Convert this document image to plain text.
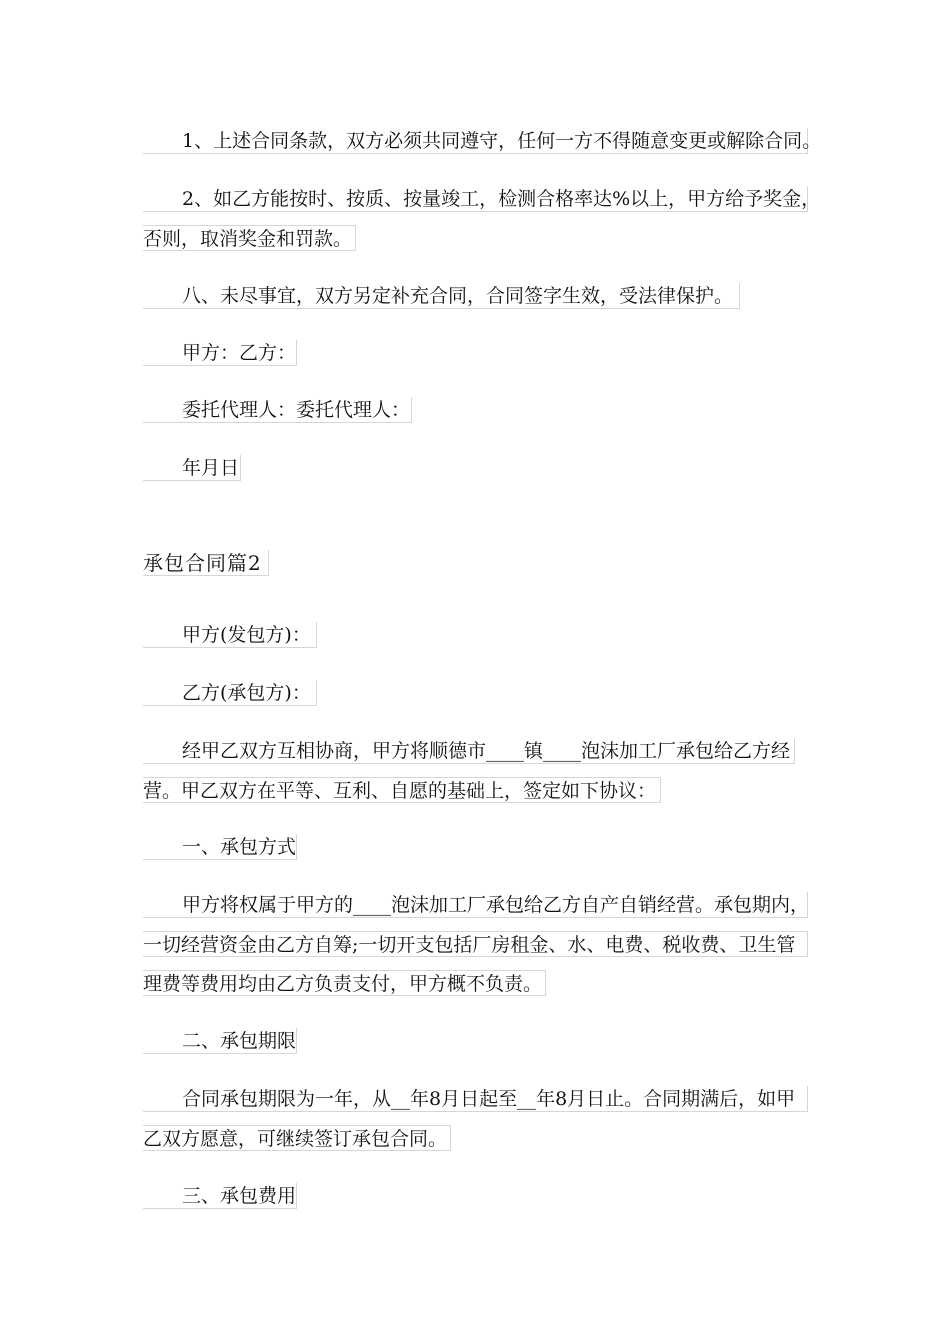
1、上述合同条款，双方必须共同遵守，任何一方不得随意变更或解除合同。
2、如乙方能按时、按质、按量竣工，检测合格率达%以上，甲方给予奖金，
否则，取消奖金和罚款。
八、未尽事宜，双方另定补充合同，合同签字生效，受法律保护。
甲方：乙方：
委托代理人：委托代理人：
年月日
承包合同篇2
甲方(发包方)：
乙方(承包方)：
经甲乙双方互相协商，甲方将顺德市____镇____泡沫加工厂承包给乙方经
营。甲乙双方在平等、互利、自愿的基础上，签定如下协议：
一、承包方式
甲方将权属于甲方的____泡沫加工厂承包给乙方自产自销经营。承包期内，
一切经营资金由乙方自筹;一切开支包括厂房租金、水、电费、税收费、卫生管
理费等费用均由乙方负责支付，甲方概不负责。
二、承包期限
合同承包期限为一年，从__年8月日起至__年8月日止。合同期满后，如甲
乙双方愿意，可继续签订承包合同。
三、承包费用
